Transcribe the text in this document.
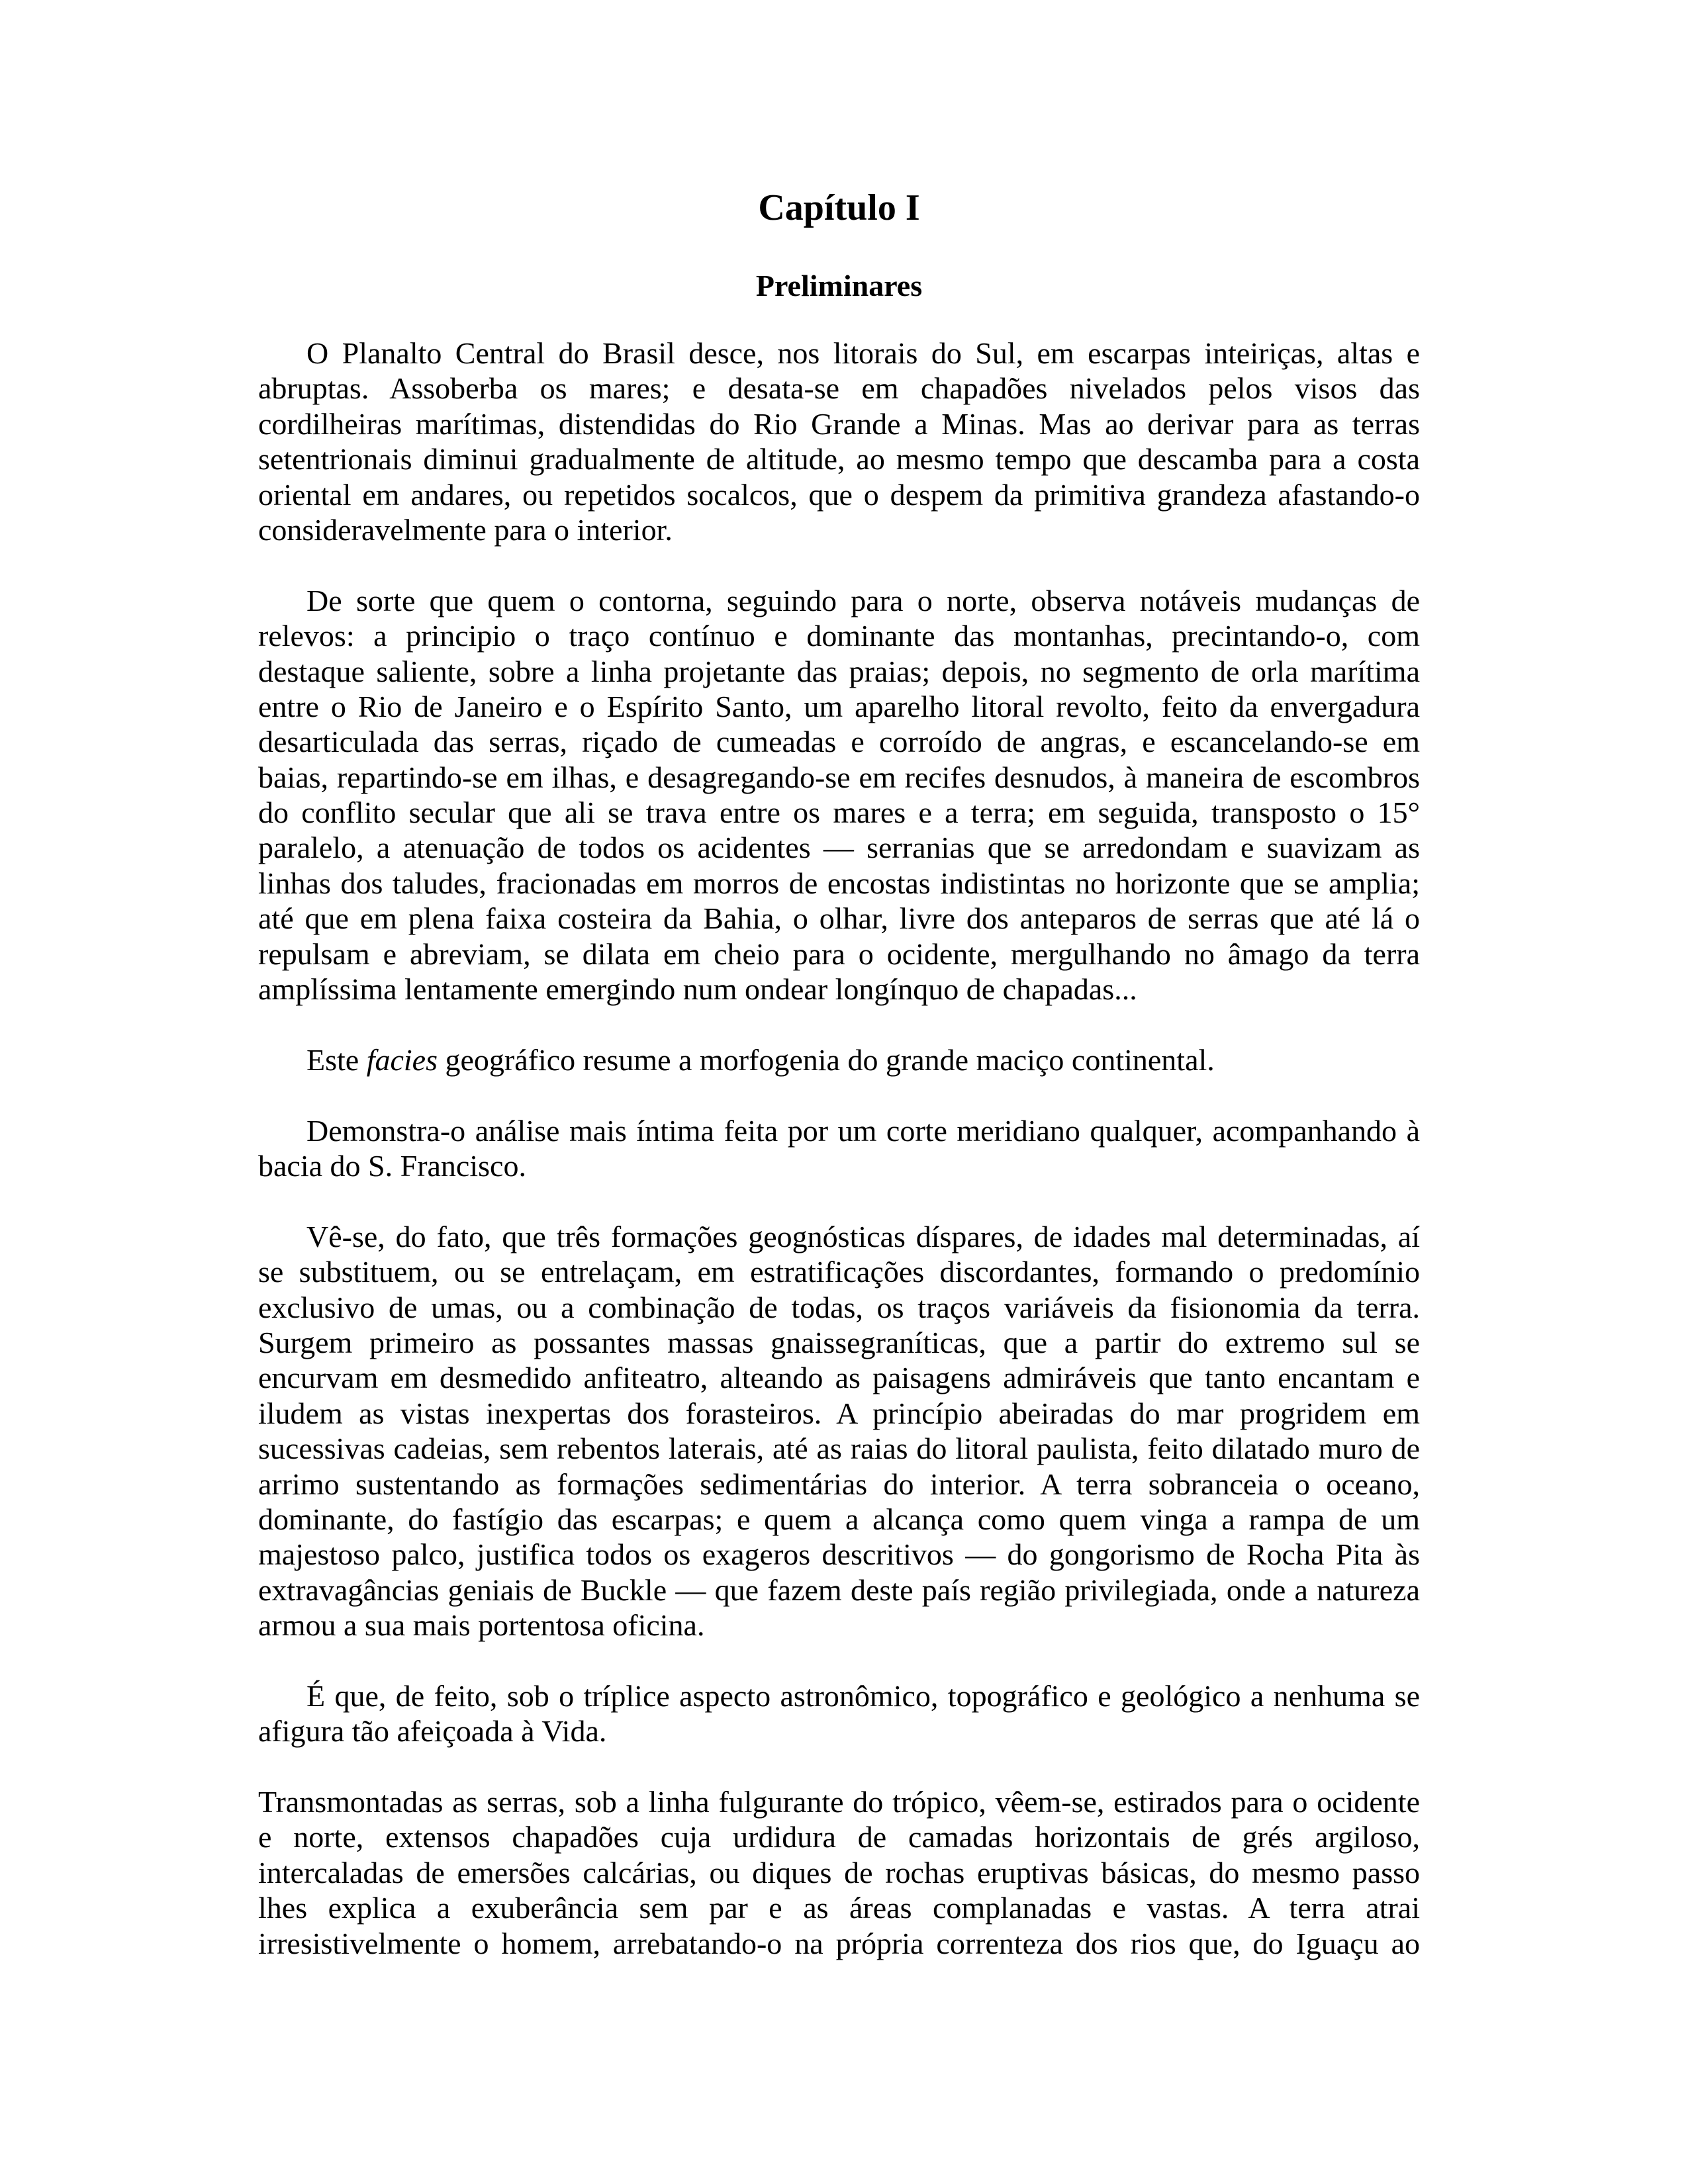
Capítulo I
Preliminares
O Planalto Central do Brasil desce, nos litorais do Sul, em escarpas inteiriças, altas e
abruptas. Assoberba os mares; e desata-se em chapadões nivelados pelos visos das
cordilheiras marítimas, distendidas do Rio Grande a Minas. Mas ao derivar para as terras
setentrionais diminui gradualmente de altitude, ao mesmo tempo que descamba para a costa
oriental em andares, ou repetidos socalcos, que o despem da primitiva grandeza afastando-o
consideravelmente para o interior.
De sorte que quem o contorna, seguindo para o norte, observa notáveis mudanças de
relevos: a principio o traço contínuo e dominante das montanhas, precintando-o, com
destaque saliente, sobre a linha projetante das praias; depois, no segmento de orla marítima
entre o Rio de Janeiro e o Espírito Santo, um aparelho litoral revolto, feito da envergadura
desarticulada das serras, riçado de cumeadas e corroído de angras, e escancelando-se em
baias, repartindo-se em ilhas, e desagregando-se em recifes desnudos, à maneira de escombros
do conflito secular que ali se trava entre os mares e a terra; em seguida, transposto o 15°
paralelo, a atenuação de todos os acidentes — serranias que se arredondam e suavizam as
linhas dos taludes, fracionadas em morros de encostas indistintas no horizonte que se amplia;
até que em plena faixa costeira da Bahia, o olhar, livre dos anteparos de serras que até lá o
repulsam e abreviam, se dilata em cheio para o ocidente, mergulhando no âmago da terra
amplíssima lentamente emergindo num ondear longínquo de chapadas...
Este facies geográfico resume a morfogenia do grande maciço continental.
Demonstra-o análise mais íntima feita por um corte meridiano qualquer, acompanhando à
bacia do S. Francisco.
Vê-se, do fato, que três formações geognósticas díspares, de idades mal determinadas, aí
se substituem, ou se entrelaçam, em estratificações discordantes, formando o predomínio
exclusivo de umas, ou a combinação de todas, os traços variáveis da fisionomia da terra.
Surgem primeiro as possantes massas gnaissegraníticas, que a partir do extremo sul se
encurvam em desmedido anfiteatro, alteando as paisagens admiráveis que tanto encantam e
iludem as vistas inexpertas dos forasteiros. A princípio abeiradas do mar progridem em
sucessivas cadeias, sem rebentos laterais, até as raias do litoral paulista, feito dilatado muro de
arrimo sustentando as formações sedimentárias do interior. A terra sobranceia o oceano,
dominante, do fastígio das escarpas; e quem a alcança como quem vinga a rampa de um
majestoso palco, justifica todos os exageros descritivos — do gongorismo de Rocha Pita às
extravagâncias geniais de Buckle — que fazem deste país região privilegiada, onde a natureza
armou a sua mais portentosa oficina.
É que, de feito, sob o tríplice aspecto astronômico, topográfico e geológico a nenhuma se
afigura tão afeiçoada à Vida.
Transmontadas as serras, sob a linha fulgurante do trópico, vêem-se, estirados para o ocidente
e norte, extensos chapadões cuja urdidura de camadas horizontais de grés argiloso,
intercaladas de emersões calcárias, ou diques de rochas eruptivas básicas, do mesmo passo
lhes explica a exuberância sem par e as áreas complanadas e vastas. A terra atrai
irresistivelmente o homem, arrebatando-o na própria correnteza dos rios que, do Iguaçu ao
